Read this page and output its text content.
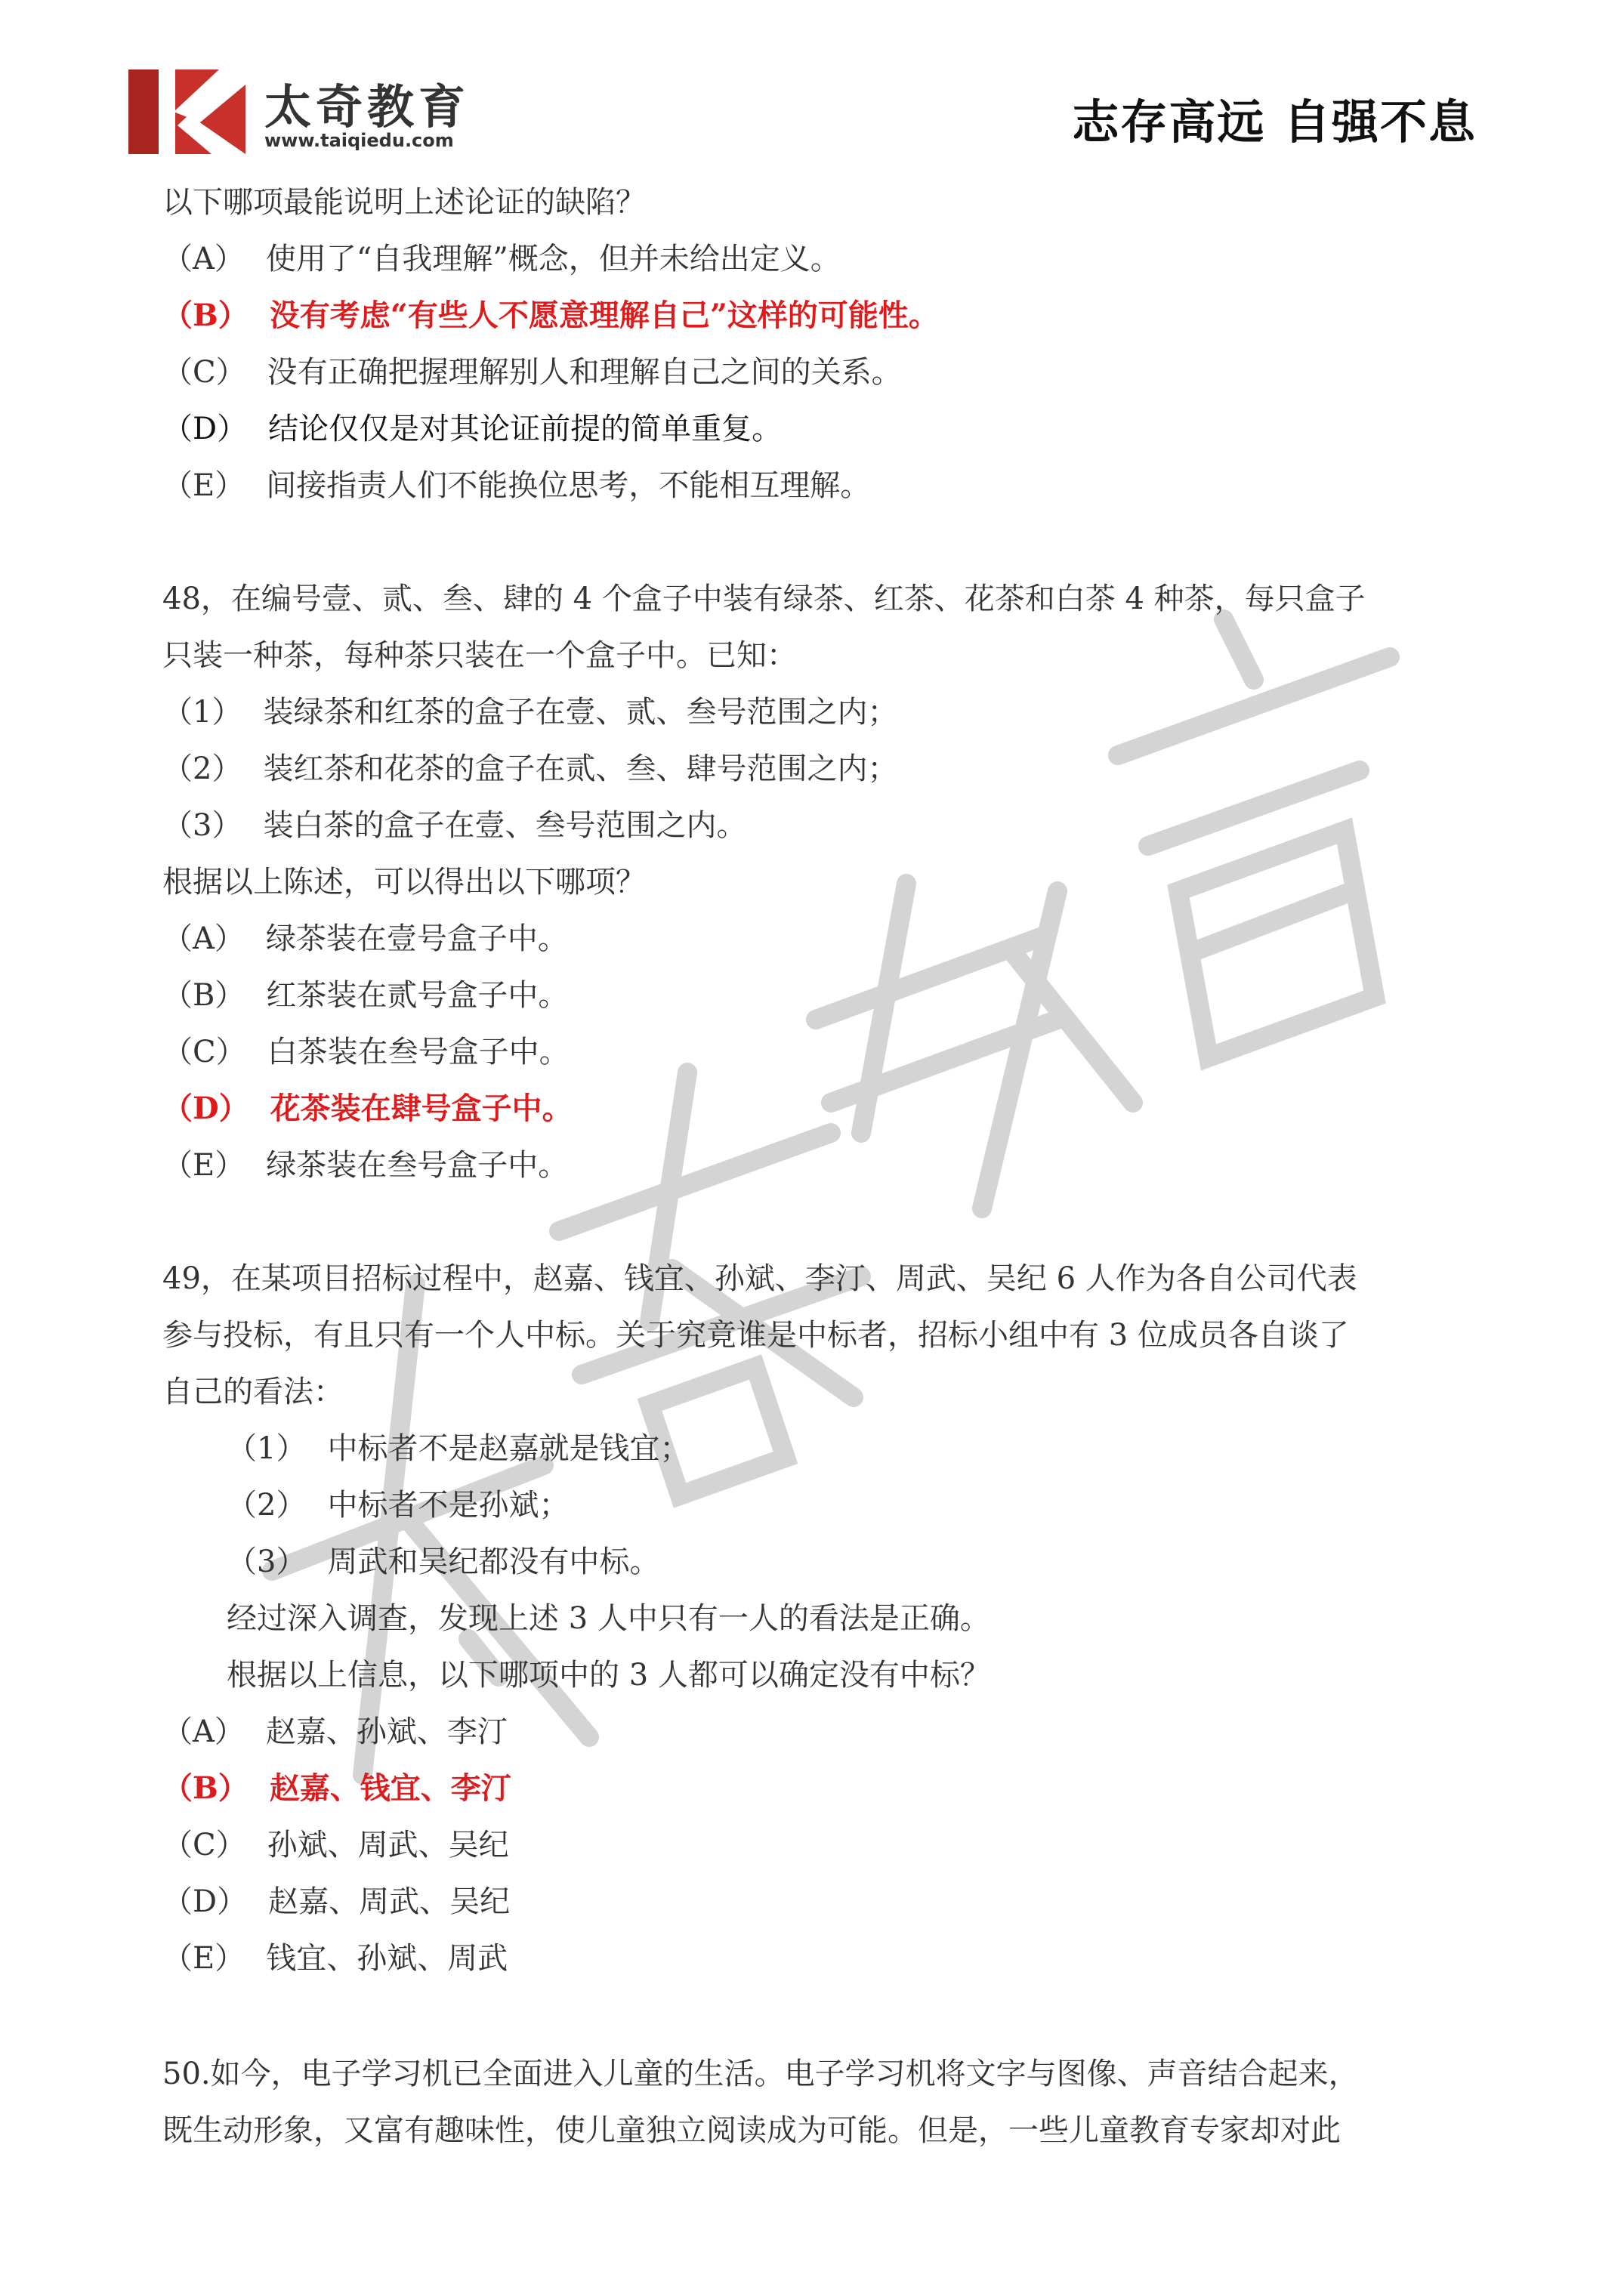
太奇教育
www.taiqiedu.com	志存高远 自强不息
以下哪项最能说明上述论证的缺陷？
（A） 使用了“自我理解”概念，但并未给出定义。
（B） 没有考虑“有些人不愿意理解自己”这样的可能性。
（C） 没有正确把握理解别人和理解自己之间的关系。
（D） 结论仅仅是对其论证前提的简单重复。
（E） 间接指责人们不能换位思考，不能相互理解。
48，在编号壹、贰、叁、肆的 4 个盒子中装有绿茶、红茶、花茶和白茶 4 种茶，每只盒子
只装一种茶，每种茶只装在一个盒子中。已知：
（1） 装绿茶和红茶的盒子在壹、贰、叁号范围之内；
（2） 装红茶和花茶的盒子在贰、叁、肆号范围之内；
（3） 装白茶的盒子在壹、叁号范围之内。
根据以上陈述，可以得出以下哪项？
（A） 绿茶装在壹号盒子中。
（B） 红茶装在贰号盒子中。
（C） 白茶装在叁号盒子中。
（D） 花茶装在肆号盒子中。
（E） 绿茶装在叁号盒子中。
49，在某项目招标过程中，赵嘉、钱宜、孙斌、李汀、周武、吴纪 6 人作为各自公司代表
参与投标，有且只有一个人中标。关于究竟谁是中标者，招标小组中有 3 位成员各自谈了
自己的看法：
（1） 中标者不是赵嘉就是钱宜；
（2） 中标者不是孙斌；
（3） 周武和吴纪都没有中标。
经过深入调查，发现上述 3 人中只有一人的看法是正确。
根据以上信息，以下哪项中的 3 人都可以确定没有中标？
（A） 赵嘉、孙斌、李汀
（B） 赵嘉、钱宜、李汀
（C） 孙斌、周武、吴纪
（D） 赵嘉、周武、吴纪
（E） 钱宜、孙斌、周武
50.如今，电子学习机已全面进入儿童的生活。电子学习机将文字与图像、声音结合起来，
既生动形象，又富有趣味性，使儿童独立阅读成为可能。但是，一些儿童教育专家却对此
